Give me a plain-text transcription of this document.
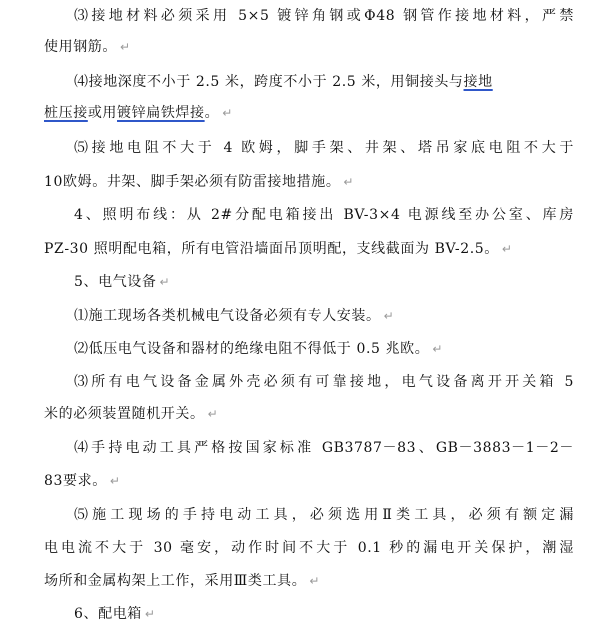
⑶接地材料必须采用 5×5 镀锌角钢或Φ48 钢管作接地材料，严禁
使用钢筋。 ↵
⑷接地深度不小于 2.5 米，跨度不小于 2.5 米，用铜接头与接地
桩压接或用镀锌扁铁焊接。 ↵
⑸接地电阻不大于 4 欧姆，脚手架、井架、塔吊家底电阻不大于
10欧姆。井架、脚手架必须有防雷接地措施。 ↵
4、照明布线：从 2#分配电箱接出 BV-3×4 电源线至办公室、库房
PZ-30 照明配电箱，所有电管沿墙面吊顶明配，支线截面为 BV-2.5。 ↵
5、电气设备 ↵
⑴施工现场各类机械电气设备必须有专人安装。 ↵
⑵低压电气设备和器材的绝缘电阻不得低于 0.5 兆欧。 ↵
⑶所有电气设备金属外壳必须有可靠接地，电气设备离开开关箱 5
米的必须装置随机开关。 ↵
⑷手持电动工具严格按国家标准 GB3787－83、GB－3883－1－2－
83要求。 ↵
⑸施工现场的手持电动工具，必须选用Ⅱ类工具，必须有额定漏
电电流不大于 30 毫安，动作时间不大于 0.1 秒的漏电开关保护，潮湿
场所和金属构架上工作，采用Ⅲ类工具。 ↵
6、配电箱 ↵
